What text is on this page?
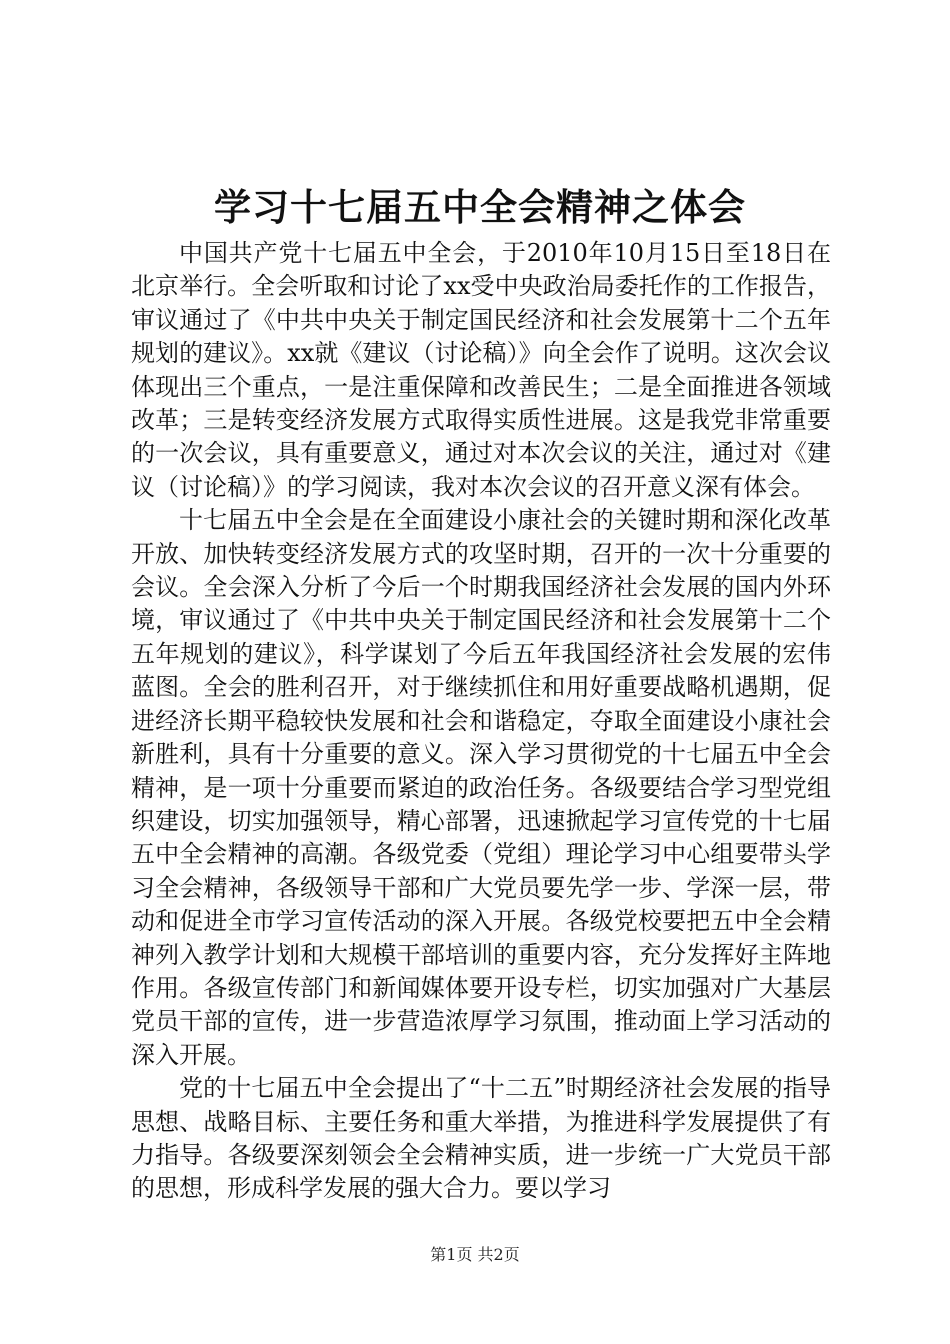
学习十七届五中全会精神之体会

中国共产党十七届五中全会，于2010年10月15日至18日在北京举行。全会听取和讨论了xx受中央政治局委托作的工作报告，审议通过了《中共中央关于制定国民经济和社会发展第十二个五年规划的建议》。xx就《建议（讨论稿）》向全会作了说明。这次会议体现出三个重点，一是注重保障和改善民生；二是全面推进各领域改革；三是转变经济发展方式取得实质性进展。这是我党非常重要的一次会议，具有重要意义，通过对本次会议的关注，通过对《建议（讨论稿）》的学习阅读，我对本次会议的召开意义深有体会。

十七届五中全会是在全面建设小康社会的关键时期和深化改革开放、加快转变经济发展方式的攻坚时期，召开的一次十分重要的会议。全会深入分析了今后一个时期我国经济社会发展的国内外环境，审议通过了《中共中央关于制定国民经济和社会发展第十二个五年规划的建议》，科学谋划了今后五年我国经济社会发展的宏伟蓝图。全会的胜利召开，对于继续抓住和用好重要战略机遇期，促进经济长期平稳较快发展和社会和谐稳定，夺取全面建设小康社会新胜利，具有十分重要的意义。深入学习贯彻党的十七届五中全会精神，是一项十分重要而紧迫的政治任务。各级要结合学习型党组织建设，切实加强领导，精心部署，迅速掀起学习宣传党的十七届五中全会精神的高潮。各级党委（党组）理论学习中心组要带头学习全会精神，各级领导干部和广大党员要先学一步、学深一层，带动和促进全市学习宣传活动的深入开展。各级党校要把五中全会精神列入教学计划和大规模干部培训的重要内容，充分发挥好主阵地作用。各级宣传部门和新闻媒体要开设专栏，切实加强对广大基层党员干部的宣传，进一步营造浓厚学习氛围，推动面上学习活动的深入开展。

党的十七届五中全会提出了“十二五”时期经济社会发展的指导思想、战略目标、主要任务和重大举措，为推进科学发展提供了有力指导。各级要深刻领会全会精神实质，进一步统一广大党员干部的思想，形成科学发展的强大合力。要以学习

第1页 共2页
